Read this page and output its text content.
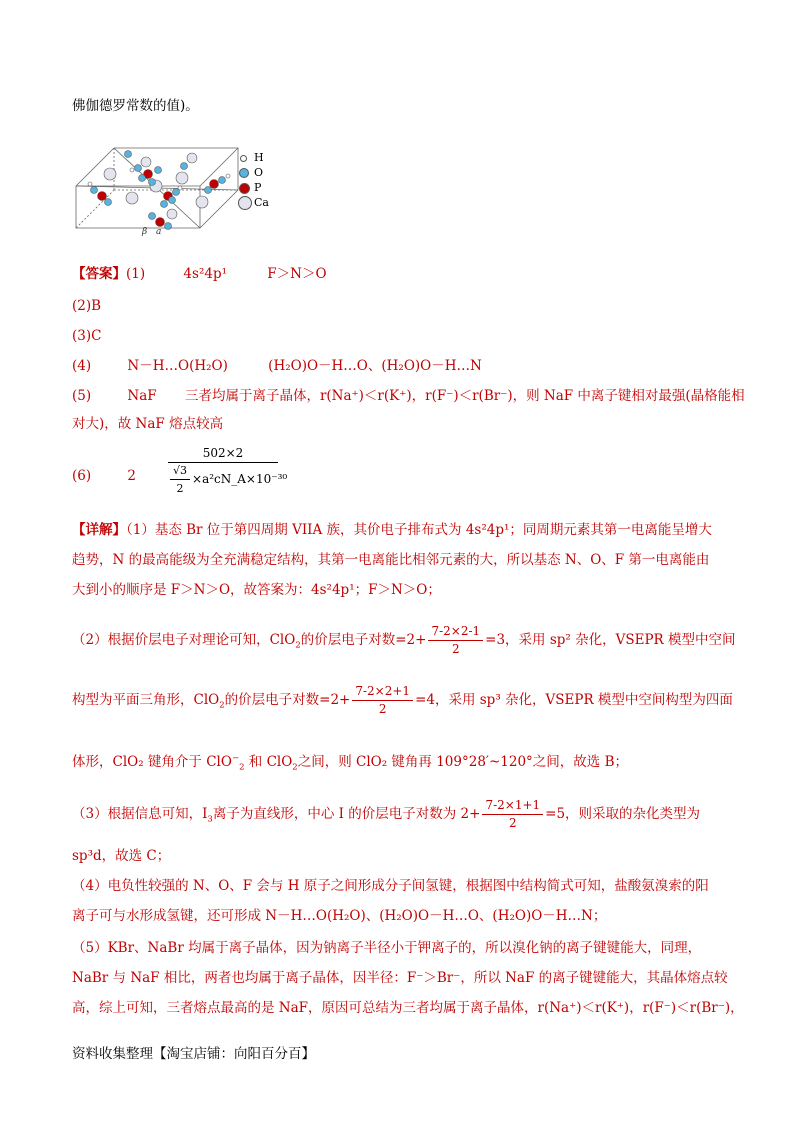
佛伽德罗常数的值)。
β a
H
O
P
Ca
【答案】(1)	4s²4p¹	F＞N＞O
(2)B
(3)C
(4)	N－H…O(H₂O)	(H₂O)O－H…O、(H₂O)O－H…N
(5)	NaF 三者均属于离子晶体，r(Na⁺)＜r(K⁺)，r(F⁻)＜r(Br⁻)，则 NaF 中离子键相对最强(晶格能相
对大)，故 NaF 熔点较高
(6)	2
502×2
$\frac{√3}{2}$ ×a²cN_A×10⁻³⁰
【详解】（1）基态 Br 位于第四周期 VIIA 族，其价电子排布式为 4s²4p¹；同周期元素其第一电离能呈增大
趋势，N 的最高能级为全充满稳定结构，其第一电离能比相邻元素的大，所以基态 N、O、F 第一电离能由
大到小的顺序是 F＞N＞O，故答案为：4s²4p¹；F＞N＞O；
（2）根据价层电子对理论可知，ClO$_2$的价层电子对数$=2+ \frac{7-2\times 2-1}{2} =3$，采用 sp² 杂化，VSEPR 模型中空间
构型为平面三角形，ClO$_2$的价层电子对数$=2+ \frac{7-2\times 2+1}{2} =4$，采用 sp³ 杂化，VSEPR 模型中空间构型为四面
体形，ClO₂ 键角介于 ClO−$_2$ 和 ClO$_2$之间，则 ClO₂ 键角再 109°28′~120°之间，故选 B；
（3）根据信息可知，$I_3$离子为直线形，中心 I 的价层电子对数为 $2+ \frac{7-2\times 1+1}{2} =5$，则采取的杂化类型为
sp³d，故选 C；
（4）电负性较强的 N、O、F 会与 H 原子之间形成分子间氢键，根据图中结构简式可知，盐酸氨溴索的阳
离子可与水形成氢键，还可形成 N－H…O(H₂O)、(H₂O)O－H…O、(H₂O)O－H…N；
（5）KBr、NaBr 均属于离子晶体，因为钠离子半径小于钾离子的，所以溴化钠的离子键键能大，同理，
NaBr 与 NaF 相比，两者也均属于离子晶体，因半径：F⁻＞Br⁻，所以 NaF 的离子键键能大，其晶体熔点较
高，综上可知，三者熔点最高的是 NaF，原因可总结为三者均属于离子晶体，r(Na⁺)＜r(K⁺)，r(F⁻)＜r(Br⁻)，
资料收集整理【淘宝店铺：向阳百分百】
